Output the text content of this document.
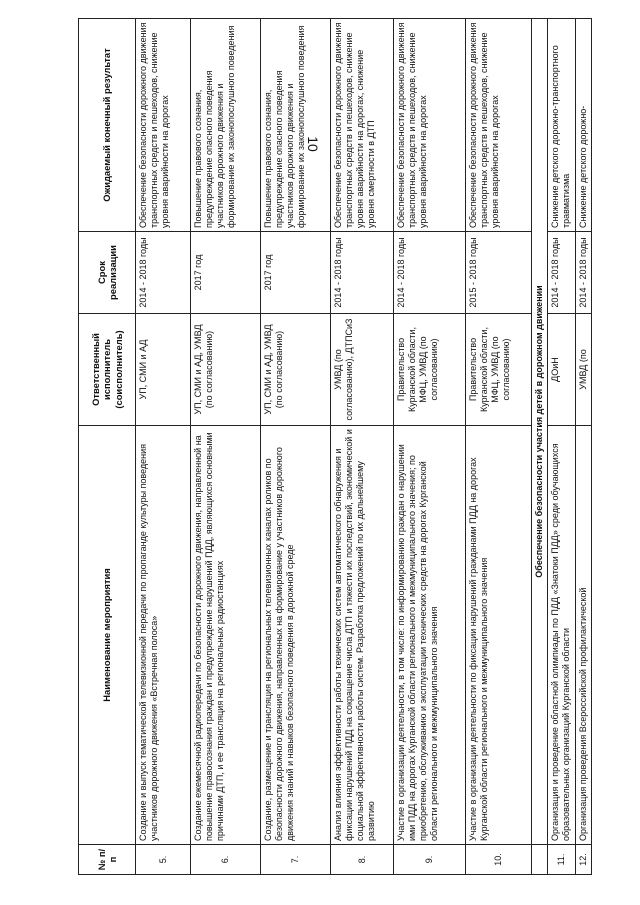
10
№ п/п	Наименование мероприятия	Ответственный исполнитель (соисполнитель)	Срок реализации	Ожидаемый конечный результат
5.	Создание и выпуск тематической телевизионной передачи по пропаганде культуры поведения участников дорожного движения «Встречная полоса»	УП, СМИ и АД	2014 - 2018 годы	Обеспечение безопасности дорожного движения транспортных средств и пешеходов, снижение уровня аварийности на дорогах
6.	Создание ежемесячной радиопередачи по безопасности дорожного движения, направленной на повышение правосознания граждан и предупреждение нарушений ПДД, являющихся основными причинами ДТП, и ее трансляция на региональных радиостанциях	УП, СМИ и АД, УМВД (по согласованию)	2017 год	Повышение правового сознания, предупреждение опасного поведения участников дорожного движения и формирование их законопослушного поведения
7.	Создание, размещение и трансляция на региональных телевизионных каналах роликов по безопасности дорожного движения, направленных на формирование у участников дорожного движения знаний и навыков безопасного поведения в дорожной среде	УП, СМИ и АД, УМВД (по согласованию)	2017 год	Повышение правового сознания, предупреждение опасного поведения участников дорожного движения и формирование их законопослушного поведения
8.	Анализ влияния эффективности работы технических систем автоматического обнаружения и фиксации нарушений ПДД на сокращение числа ДТП и тяжести их последствий, экономической и социальной эффективности работы систем. Разработка предложений по их дальнейшему развитию	УМВД (по согласованию), ДТПСиЗ	2014 - 2018 годы	Обеспечение безопасности дорожного движения транспортных средств и пешеходов, снижение уровня аварийности на дорогах, снижение уровня смертности в ДТП
9.	Участие в организации деятельности, в том числе: по информированию граждан о нарушении ими ПДД на дорогах Курганской области регионального и межмуниципального значения; по приобретению, обслуживанию и эксплуатации технических средств на дорогах Курганской области регионального и межмуниципального значения	Правительство Курганской области, МФЦ, УМВД (по согласованию)	2014 - 2018 годы	Обеспечение безопасности дорожного движения транспортных средств и пешеходов, снижение уровня аварийности на дорогах
10.	Участие в организации деятельности по фиксации нарушений гражданами ПДД на дорогах Курганской области регионального и межмуниципального значения	Правительство Курганской области, МФЦ, УМВД (по согласованию)	2015 - 2018 годы	Обеспечение безопасности дорожного движения транспортных средств и пешеходов, снижение уровня аварийности на дорогах
	Обеспечение безопасности участия детей в дорожном движении			
11.	Организация и проведение областной олимпиады по ПДД «Знатоки ПДД» среди обучающихся образовательных организаций Курганской области	ДОиН	2014 - 2018 годы	Снижение детского дорожно-транспортного травматизма
12.	Организация проведения Всероссийской профилактической	УМВД (по	2014 - 2018 годы	Снижение детского дорожно-
